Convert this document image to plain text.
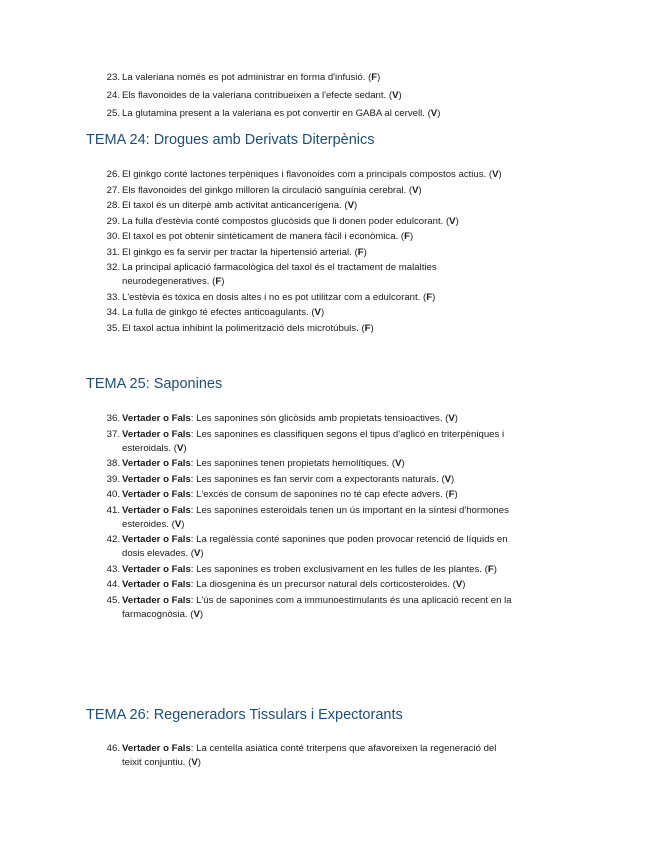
23. La valeriana només es pot administrar en forma d'infusió. (F)
24. Els flavonoides de la valeriana contribueixen a l'efecte sedant. (V)
25. La glutamina present a la valeriana es pot convertir en GABA al cervell. (V)
TEMA 24: Drogues amb Derivats Diterpènics
26. El ginkgo conté lactones terpèniques i flavonoides com a principals compostos actius. (V)
27. Els flavonoides del ginkgo milloren la circulació sanguínia cerebral. (V)
28. El taxol és un diterpè amb activitat anticancerígena. (V)
29. La fulla d'estèvia conté compostos glucòsids que li donen poder edulcorant. (V)
30. El taxol es pot obtenir sintèticament de manera fàcil i econòmica. (F)
31. El ginkgo es fa servir per tractar la hipertensió arterial. (F)
32. La principal aplicació farmacològica del taxol és el tractament de malalties neurodegeneratives. (F)
33. L'estèvia és tòxica en dosis altes i no es pot utilitzar com a edulcorant. (F)
34. La fulla de ginkgo té efectes anticoagulants. (V)
35. El taxol actua inhibint la polimerització dels microtúbuls. (F)
TEMA 25: Saponines
36. Vertader o Fals: Les saponines són glicòsids amb propietats tensioactives. (V)
37. Vertader o Fals: Les saponines es classifiquen segons el tipus d'aglicó en triterpèniques i esteroidals. (V)
38. Vertader o Fals: Les saponines tenen propietats hemolítiques. (V)
39. Vertader o Fals: Les saponines es fan servir com a expectorants naturals. (V)
40. Vertader o Fals: L'excés de consum de saponines no té cap efecte advers. (F)
41. Vertader o Fals: Les saponines esteroidals tenen un ús important en la síntesi d'hormones esteroides. (V)
42. Vertader o Fals: La regalèssia conté saponines que poden provocar retenció de líquids en dosis elevades. (V)
43. Vertader o Fals: Les saponines es troben exclusivament en les fulles de les plantes. (F)
44. Vertader o Fals: La diosgenina és un precursor natural dels corticosteroides. (V)
45. Vertader o Fals: L'ús de saponines com a immunoestimulants és una aplicació recent en la farmacognòsia. (V)
TEMA 26: Regeneradors Tissulars i Expectorants
46. Vertader o Fals: La centella asiàtica conté triterpens que afavoreixen la regeneració del teixit conjuntiu. (V)
